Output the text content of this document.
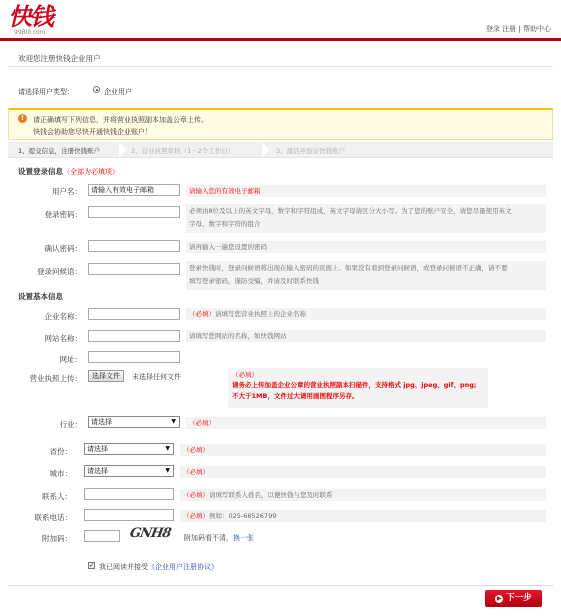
快钱
99Bill.com	登录 注册 | 帮助中心
欢迎您注册快钱企业用户
请选择用户类型：	企业用户
!	请正确填写下列信息，并将营业执照副本加盖公章上传。
快钱会协助您尽快开通快钱企业账户！
1、提交信息，注册快钱账户	2、营业执照审核（1－2个工作日）	3、激活并验证快钱账户
设置登录信息（全部为必填项）
用户名：	请输入有效电子邮箱	请输入您的有效电子邮箱
登录密码：	必须由8位及以上的英文字母，数字和字符组成，英文字母请区分大小写。为了您的账户安全，请您尽量使用英文
字母、数字和字符的组合
确认密码：	请再输入一遍您设置的密码
登录问候语：	登录快钱时，登录问候语将出现在输入密码的页面上。如果没有看到登录问候语，或登录问候语不正确，请不要
填写登录密码，谨防受骗，并请及时联系快钱
设置基本信息
企业名称：	（必填）请填写您营业执照上的企业名称
网站名称：	请填写您网站的名称，如快钱网站
网址：
营业执照上传：	选择文件	未选择任何文件	（必填）
请务必上传加盖企业公章的营业执照副本扫描件，支持格式 jpg、jpeg、gif、png;
不大于1MB，文件过大请用画图程序另存。
行业：	请选择	▼	（必填）
省份：	请选择	▼	（必填）
城市：	请选择	▼	（必填）
联系人：	（必填）请填写联系人姓名，以便快钱与您及时联系
联系电话：	（必填）例如：025-68526799
附加码：	GNH8 附加码看不清，换一张
✓ 我已阅读并接受《企业用户注册协议》
▶ 下一步
